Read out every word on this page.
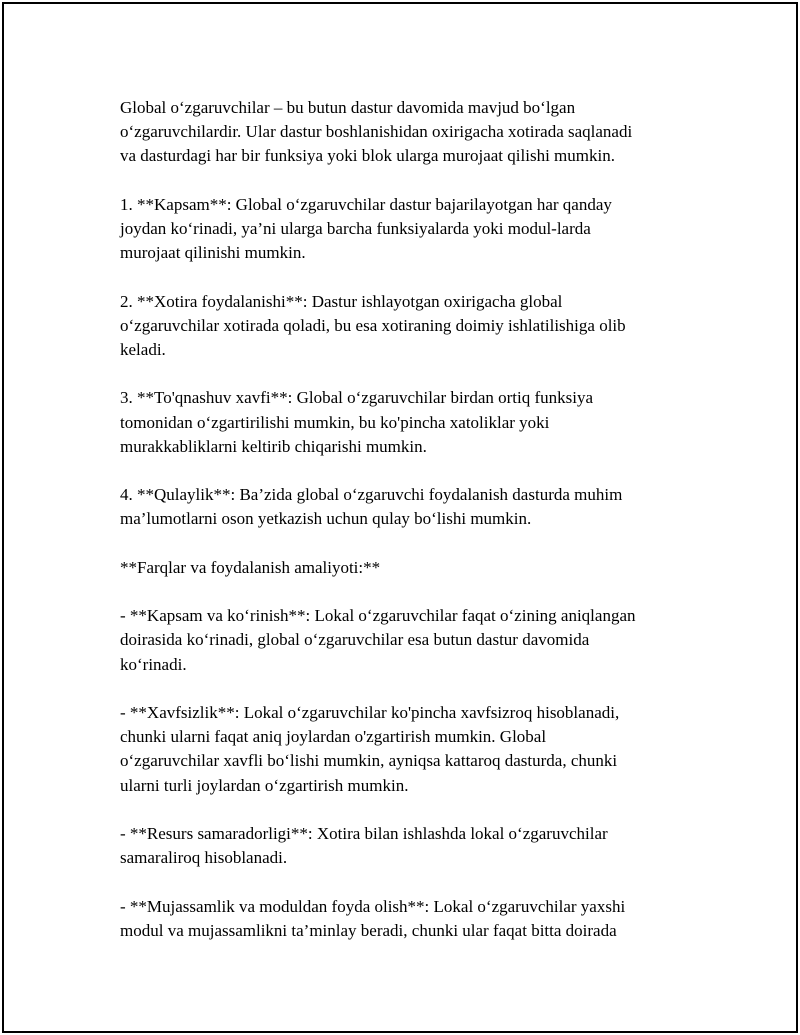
Global o‘zgaruvchilar – bu butun dastur davomida mavjud bo‘lgan
o‘zgaruvchilardir. Ular dastur boshlanishidan oxirigacha xotirada saqlanadi
va dasturdagi har bir funksiya yoki blok ularga murojaat qilishi mumkin.

1. **Kapsam**: Global o‘zgaruvchilar dastur bajarilayotgan har qanday
joydan ko‘rinadi, ya’ni ularga barcha funksiyalarda yoki modul-larda
murojaat qilinishi mumkin.

2. **Xotira foydalanishi**: Dastur ishlayotgan oxirigacha global
o‘zgaruvchilar xotirada qoladi, bu esa xotiraning doimiy ishlatilishiga olib
keladi.

3. **To'qnashuv xavfi**: Global o‘zgaruvchilar birdan ortiq funksiya
tomonidan o‘zgartirilishi mumkin, bu ko'pincha xatoliklar yoki
murakkabliklarni keltirib chiqarishi mumkin.

4. **Qulaylik**: Ba’zida global o‘zgaruvchi foydalanish dasturda muhim
ma’lumotlarni oson yetkazish uchun qulay bo‘lishi mumkin.

**Farqlar va foydalanish amaliyoti:**

- **Kapsam va ko‘rinish**: Lokal o‘zgaruvchilar faqat o‘zining aniqlangan
doirasida ko‘rinadi, global o‘zgaruvchilar esa butun dastur davomida
ko‘rinadi.

- **Xavfsizlik**: Lokal o‘zgaruvchilar ko'pincha xavfsizroq hisoblanadi,
chunki ularni faqat aniq joylardan o'zgartirish mumkin. Global
o‘zgaruvchilar xavfli bo‘lishi mumkin, ayniqsa kattaroq dasturda, chunki
ularni turli joylardan o‘zgartirish mumkin.

- **Resurs samaradorligi**: Xotira bilan ishlashda lokal o‘zgaruvchilar
samaraliroq hisoblanadi.

- **Mujassamlik va moduldan foyda olish**: Lokal o‘zgaruvchilar yaxshi
modul va mujassamlikni ta’minlay beradi, chunki ular faqat bitta doirada
